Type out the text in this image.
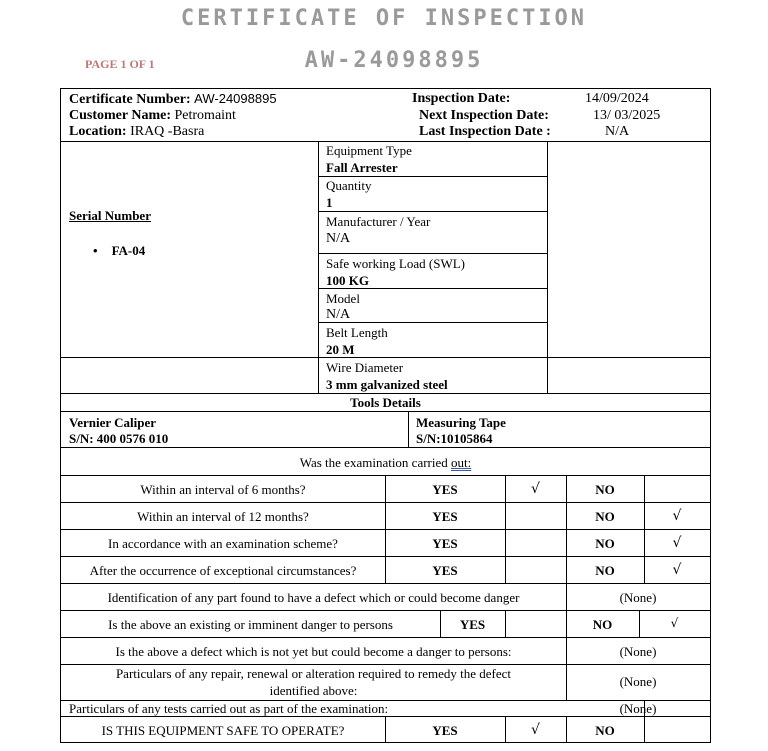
CERTIFICATE OF INSPECTION
AW-24098895
PAGE 1 OF 1
Certificate Number: AW-24098895
Customer Name: Petromaint
Location: IRAQ -Basra
Inspection Date:	14/09/2024
Next Inspection Date:	13/ 03/2025
Last Inspection Date :	N/A
Serial Number
• FA-04
Equipment Type
Fall Arrester
Quantity
1
Manufacturer / Year
N/A
Safe working Load (SWL)
100 KG
Model
N/A
Belt Length
20 M
Wire Diameter
3 mm galvanized steel
Tools Details
Vernier Caliper
S/N: 400 0576 010
Measuring Tape
S/N:10105864
Was the examination carried out:
Within an interval of 6 months?	YES	√	NO
Within an interval of 12 months?	YES	NO	√
In accordance with an examination scheme?	YES	NO	√
After the occurrence of exceptional circumstances?	YES	NO	√
Identification of any part found to have a defect which or could become danger	(None)
Is the above an existing or imminent danger to persons	YES	NO	√
Is the above a defect which is not yet but could become a danger to persons:	(None)
Particulars of any repair, renewal or alteration required to remedy the defect
identified above:
(None)
Particulars of any tests carried out as part of the examination:	(None)
IS THIS EQUIPMENT SAFE TO OPERATE?	YES	√	NO
